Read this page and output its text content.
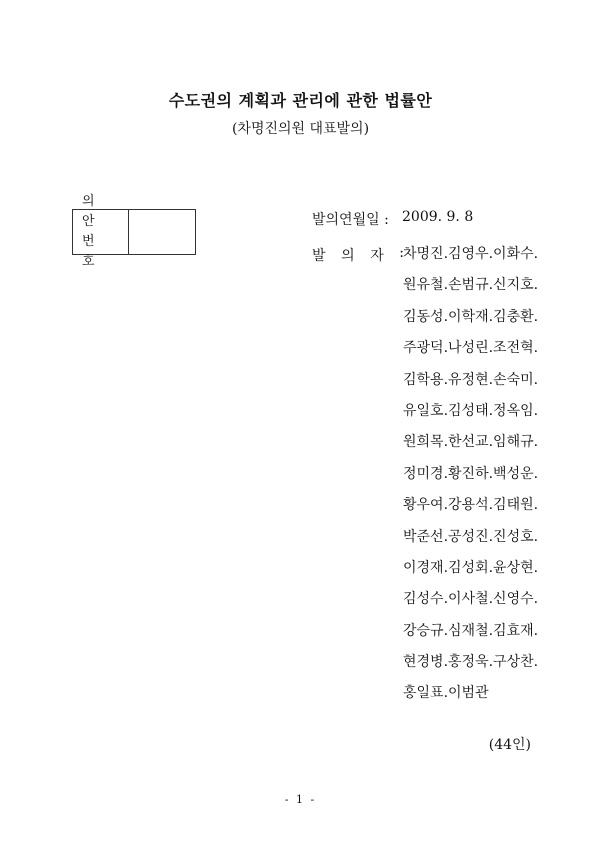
수도권의 계획과 관리에 관한 법률안
(차명진의원 대표발의)
의 안
번 호
발의연월일 : 2009. 9. 8
발 의 자 : 차명진.김영우.이화수.
원유철.손범규.신지호.
김동성.이학재.김충환.
주광덕.나성린.조전혁.
김학용.유정현.손숙미.
유일호.김성태.정옥임.
원희목.한선교.임해규.
정미경.황진하.백성운.
황우여.강용석.김태원.
박준선.공성진.진성호.
이경재.김성회.윤상현.
김성수.이사철.신영수.
강승규.심재철.김효재.
현경병.홍정욱.구상찬.
홍일표.이범관
(44인)
- 1 -
